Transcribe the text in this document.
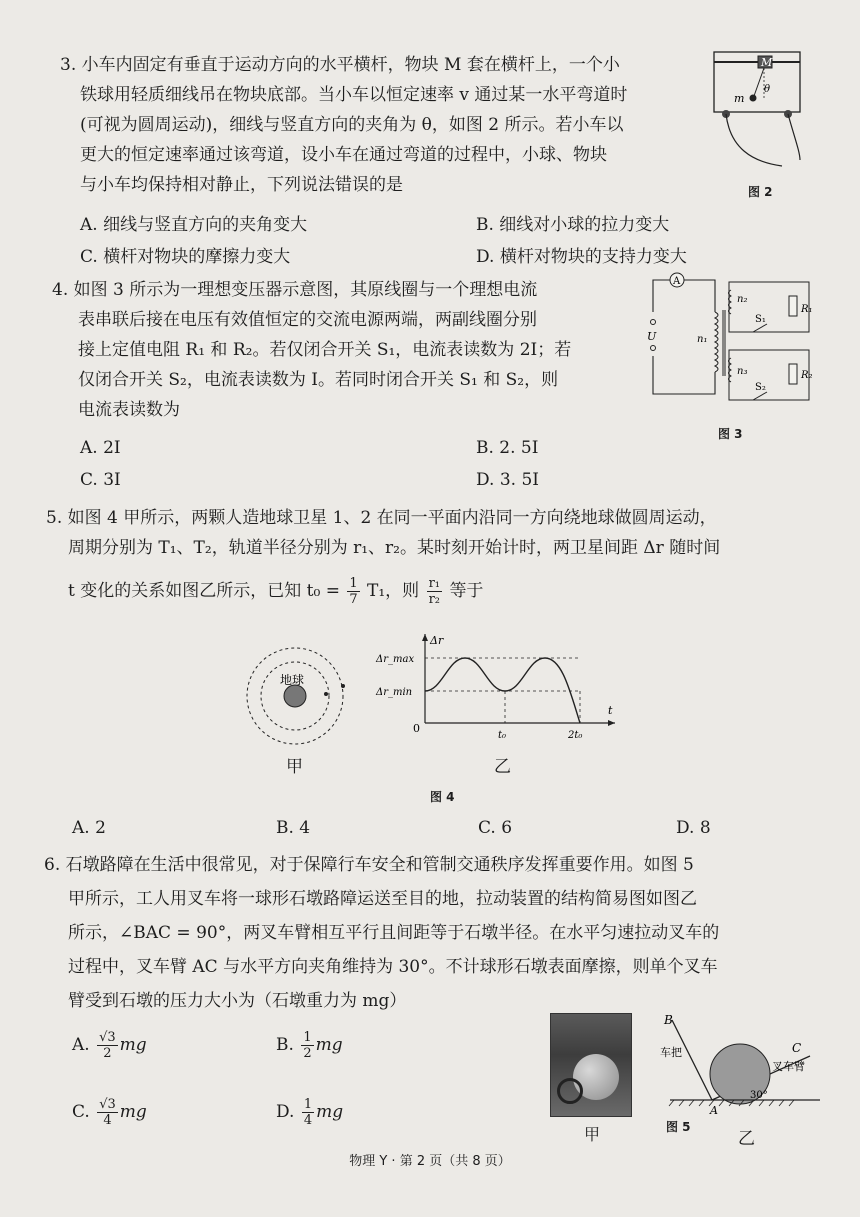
3. 小车内固定有垂直于运动方向的水平横杆，物块 M 套在横杆上，一个小
铁球用轻质细线吊在物块底部。当小车以恒定速率 v 通过某一水平弯道时
(可视为圆周运动)，细线与竖直方向的夹角为 θ，如图 2 所示。若小车以
更大的恒定速率通过该弯道，设小车在通过弯道的过程中，小球、物块
与小车均保持相对静止，下列说法错误的是
A. 细线与竖直方向的夹角变大	B. 细线对小球的拉力变大
C. 横杆对物块的摩擦力变大	D. 横杆对物块的支持力变大
M
m
θ
图 2
4. 如图 3 所示为一理想变压器示意图，其原线圈与一个理想电流
表串联后接在电压有效值恒定的交流电源两端，两副线圈分别
接上定值电阻 R₁ 和 R₂。若仅闭合开关 S₁，电流表读数为 2I；若
仅闭合开关 S₂，电流表读数为 I。若同时闭合开关 S₁ 和 S₂，则
电流表读数为
A. 2I	B. 2. 5I
C. 3I	D. 3. 5I
U
A
n₁
n₂
R₁
S₁
n₃	R₂
S₂
图 3
5. 如图 4 甲所示，两颗人造地球卫星 1、2 在同一平面内沿同一方向绕地球做圆周运动，
周期分别为 T₁、T₂，轨道半径分别为 r₁、r₂。某时刻开始计时，两卫星间距 Δr 随时间
t 变化的关系如图乙所示，已知 $t_0 = \frac{1}{7} T_1$，则 $\frac{\text{r₁}}{\text{r₂}}$ 等于
地球
甲
Δr
t
0
Δr_max
Δr_min
t₀	2t₀
乙
图 4
A. 2	B. 4	C. 6	D. 8
6. 石墩路障在生活中很常见，对于保障行车安全和管制交通秩序发挥重要作用。如图 5
甲所示，工人用叉车将一球形石墩路障运送至目的地，拉动装置的结构简易图如图乙
所示，∠BAC = 90°，两叉车臂相互平行且间距等于石墩半径。在水平匀速拉动叉车的
过程中，叉车臂 AC 与水平方向夹角维持为 30°。不计球形石墩表面摩擦，则单个叉车
臂受到石墩的压力大小为（石墩重力为 mg）
A. $\frac{√3}{2}$ mg	B. $\frac{1}{2}$ mg
C. $\frac{√3}{4}$ mg	D. $\frac{1}{4}$ mg
甲
B
车把	C
叉车臂
A
30°
乙
图 5
物理 Y · 第 2 页（共 8 页）
